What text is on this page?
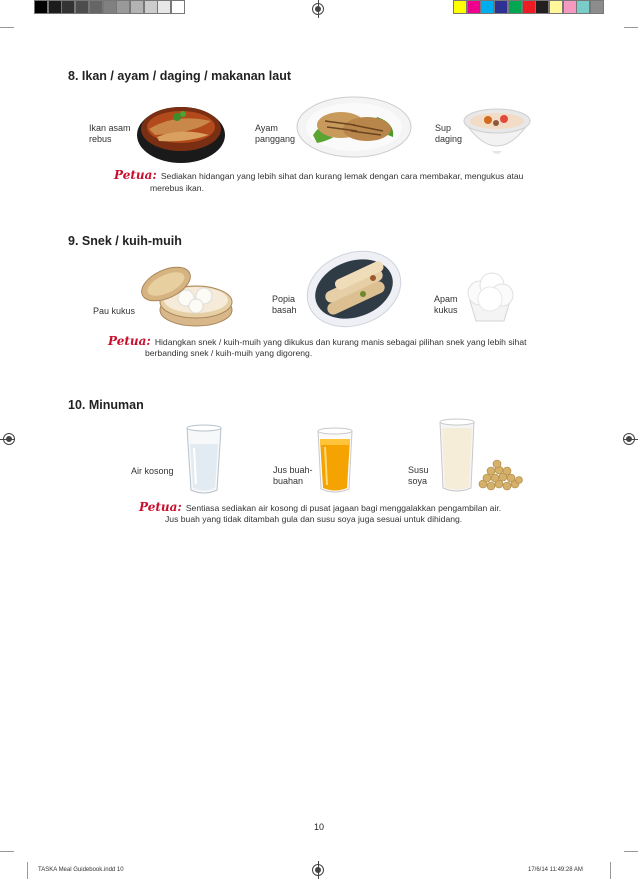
8. Ikan / ayam / daging / makanan laut
Ikan asam
rebus
Ayam
panggang
Sup
daging
Petua: Sediakan hidangan yang lebih sihat dan kurang lemak dengan cara membakar, mengukus atau
merebus ikan.
9. Snek / kuih-muih
Pau kukus
Popia
basah
Apam
kukus
Petua: Hidangkan snek / kuih-muih yang dikukus dan kurang manis sebagai pilihan snek yang lebih sihat
berbanding snek / kuih-muih yang digoreng.
10. Minuman
Air kosong	Jus buah-
buahan
Susu
soya
Petua: Sentiasa sediakan air kosong di pusat jagaan bagi menggalakkan pengambilan air.
Jus buah yang tidak ditambah gula dan susu soya juga sesuai untuk dihidang.
10
TASKA Meal Guidebook.indd 10	17/6/14 11:49:28 AM
